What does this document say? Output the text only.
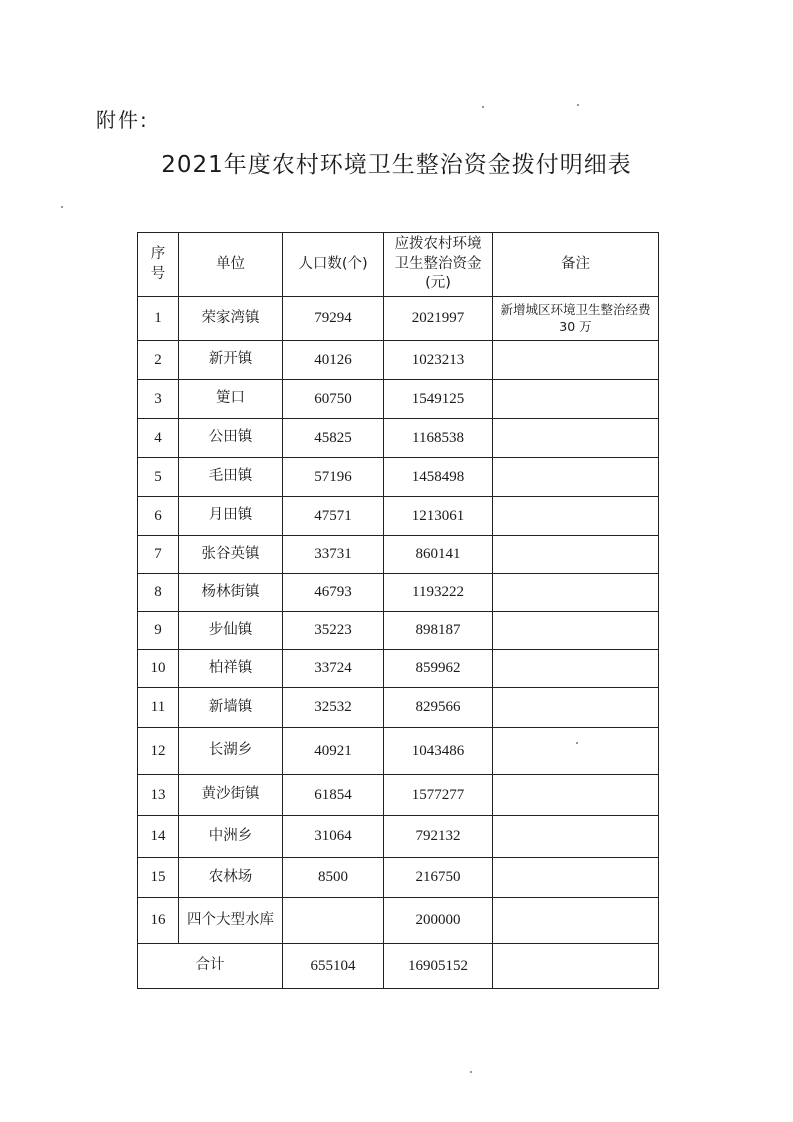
附件:
2021年度农村环境卫生整治资金拨付明细表
序号	单位	人口数(个)	应拨农村环境卫生整治资金(元)	备注
1	荣家湾镇	79294	2021997	新增城区环境卫生整治经费 30 万
2	新开镇	40126	1023213	
3	筻口	60750	1549125	
4	公田镇	45825	1168538	
5	毛田镇	57196	1458498	
6	月田镇	47571	1213061	
7	张谷英镇	33731	860141	
8	杨林街镇	46793	1193222	
9	步仙镇	35223	898187	
10	柏祥镇	33724	859962	
11	新墙镇	32532	829566	
12	长湖乡	40921	1043486	
13	黄沙街镇	61854	1577277	
14	中洲乡	31064	792132	
15	农林场	8500	216750	
16	四个大型水库		200000	
合计		655104	16905152	
